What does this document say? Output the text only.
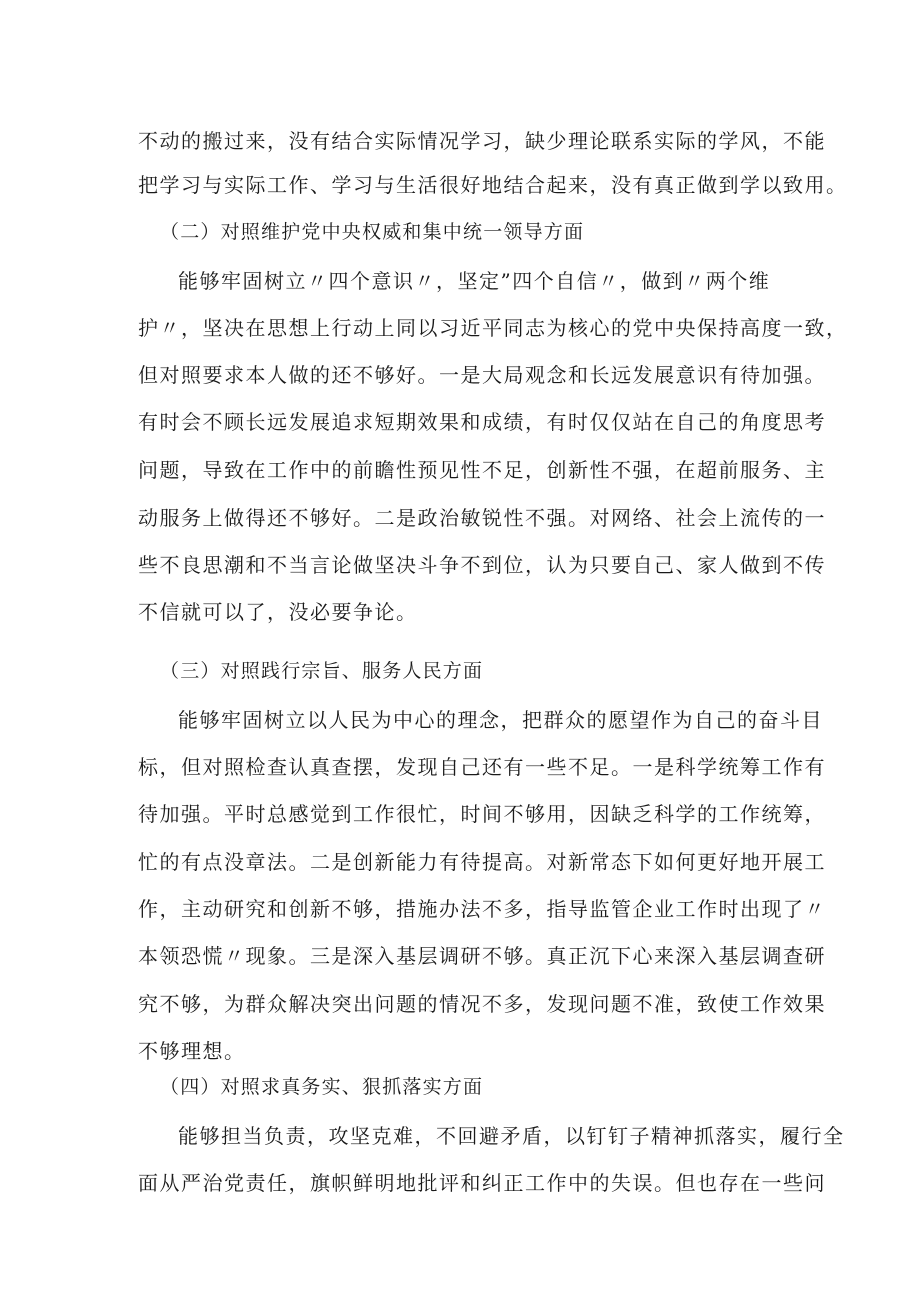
不动的搬过来，没有结合实际情况学习，缺少理论联系实际的学风，不能
把学习与实际工作、学习与生活很好地结合起来，没有真正做到学以致用。
（二）对照维护党中央权威和集中统一领导方面
能够牢固树立〃四个意识〃，坚定”四个自信〃，做到〃两个维
护〃，坚决在思想上行动上同以习近平同志为核心的党中央保持高度一致，
但对照要求本人做的还不够好。一是大局观念和长远发展意识有待加强。
有时会不顾长远发展追求短期效果和成绩，有时仅仅站在自己的角度思考
问题，导致在工作中的前瞻性预见性不足，创新性不强，在超前服务、主
动服务上做得还不够好。二是政治敏锐性不强。对网络、社会上流传的一
些不良思潮和不当言论做坚决斗争不到位，认为只要自己、家人做到不传
不信就可以了，没必要争论。
（三）对照践行宗旨、服务人民方面
能够牢固树立以人民为中心的理念，把群众的愿望作为自己的奋斗目
标，但对照检查认真查摆，发现自己还有一些不足。一是科学统筹工作有
待加强。平时总感觉到工作很忙，时间不够用，因缺乏科学的工作统筹，
忙的有点没章法。二是创新能力有待提高。对新常态下如何更好地开展工
作，主动研究和创新不够，措施办法不多，指导监管企业工作时出现了〃
本领恐慌〃现象。三是深入基层调研不够。真正沉下心来深入基层调查研
究不够，为群众解决突出问题的情况不多，发现问题不准，致使工作效果
不够理想。
（四）对照求真务实、狠抓落实方面
能够担当负责，攻坚克难，不回避矛盾，以钉钉子精神抓落实，履行全
面从严治党责任，旗帜鲜明地批评和纠正工作中的失误。但也存在一些问
